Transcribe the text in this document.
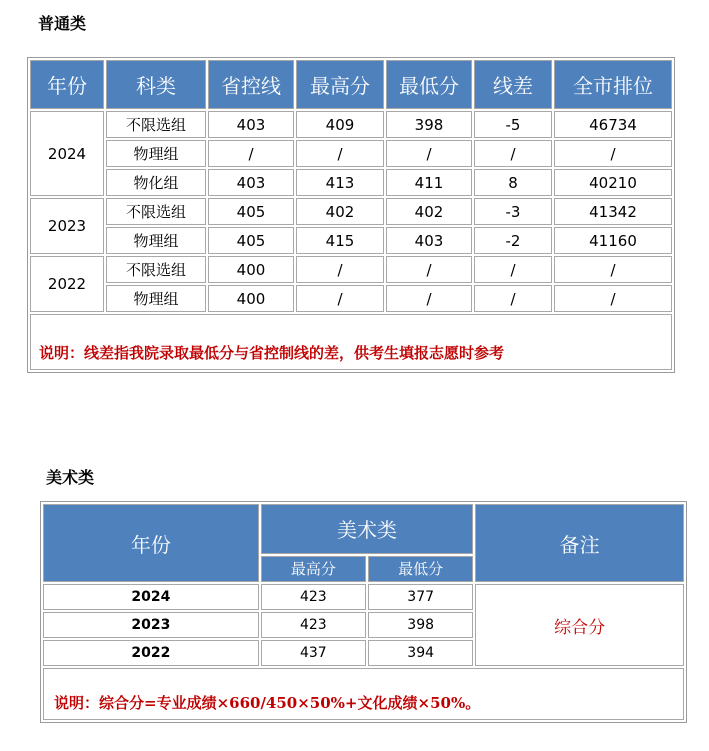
普通类
年份	科类	省控线	最高分	最低分	线差	全市排位
2024	不限选组	403	409	398	-5	46734
	物理组	/	/	/	/	/
	物化组	403	413	411	8	40210
2023	不限选组	405	402	402	-3	41342
	物理组	405	415	403	-2	41160
2022	不限选组	400	/	/	/	/
	物理组	400	/	/	/	/
说明：线差指我院录取最低分与省控制线的差，供考生填报志愿时参考						
美术类
年份	美术类		备注
	最高分	最低分	
2024	423	377	综合分
2023	423	398	
2022	437	394	
说明：综合分=专业成绩×660/450×50%+文化成绩×50%。			
